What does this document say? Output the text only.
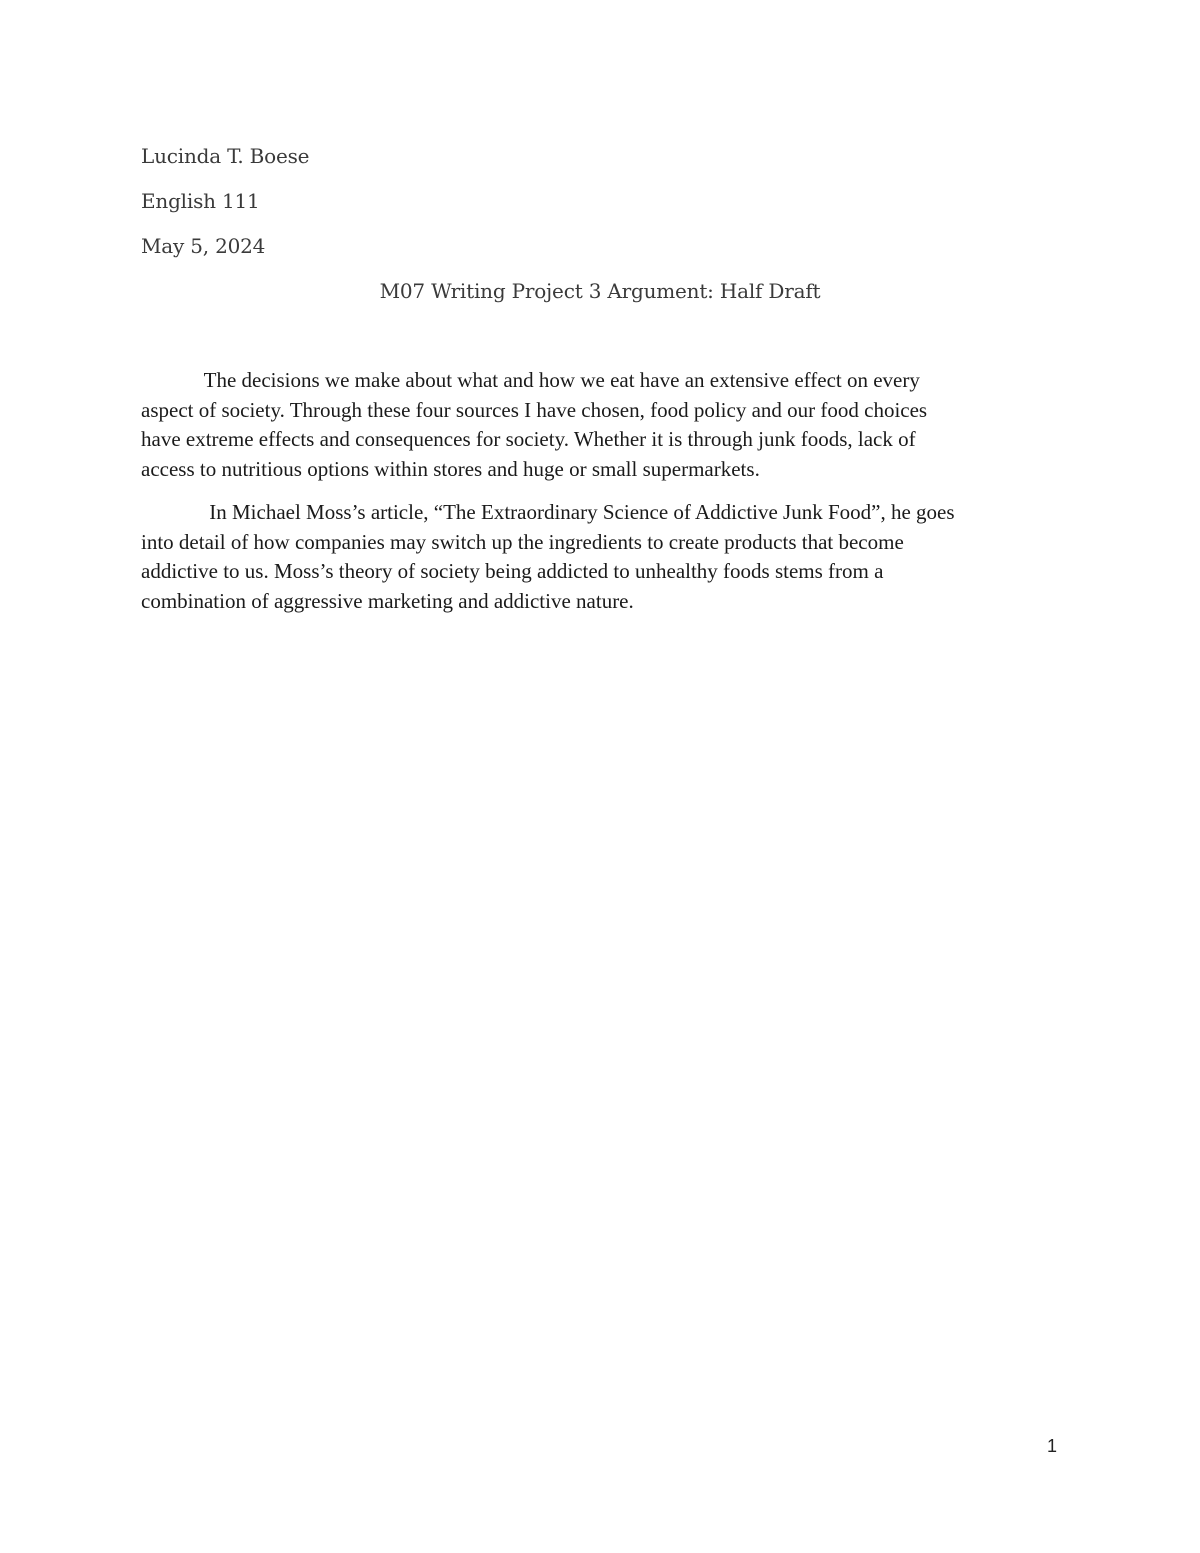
Lucinda T. Boese
English 111
May 5, 2024
M07 Writing Project 3 Argument: Half Draft
The decisions we make about what and how we eat have an extensive effect on every
aspect of society. Through these four sources I have chosen, food policy and our food choices
have extreme effects and consequences for society. Whether it is through junk foods, lack of
access to nutritious options within stores and huge or small supermarkets.
In Michael Moss’s article, “The Extraordinary Science of Addictive Junk Food”, he goes
into detail of how companies may switch up the ingredients to create products that become
addictive to us. Moss’s theory of society being addicted to unhealthy foods stems from a
combination of aggressive marketing and addictive nature.
1
